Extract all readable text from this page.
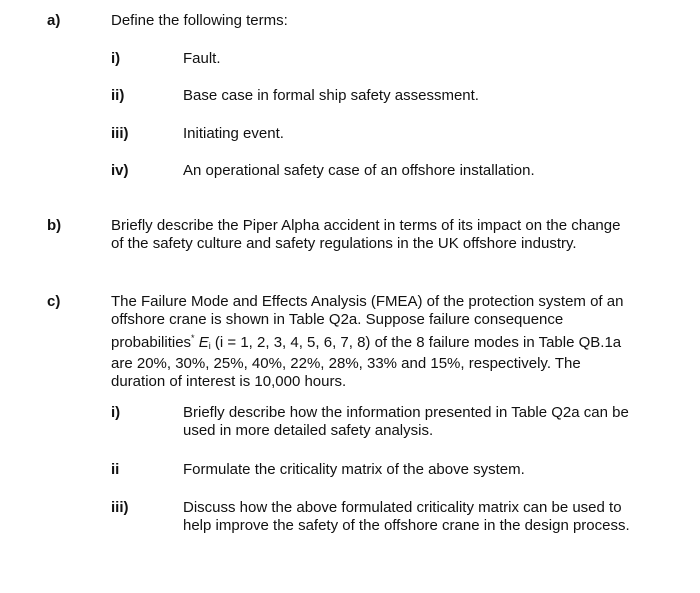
a)	Define the following terms:
i)	Fault.
ii)	Base case in formal ship safety assessment.
iii)	Initiating event.
iv)	An operational safety case of an offshore installation.
b)	Briefly describe the Piper Alpha accident in terms of its impact on the change
of the safety culture and safety regulations in the UK offshore industry.
c)	The Failure Mode and Effects Analysis (FMEA) of the protection system of an
offshore crane is shown in Table Q2a. Suppose failure consequence
probabilities* $E_i$ (i = 1, 2, 3, 4, 5, 6, 7, 8) of the 8 failure modes in Table QB.1a
are 20%, 30%, 25%, 40%, 22%, 28%, 33% and 15%, respectively. The
duration of interest is 10,000 hours.
i)	Briefly describe how the information presented in Table Q2a can be
used in more detailed safety analysis.
ii	Formulate the criticality matrix of the above system.
iii)	Discuss how the above formulated criticality matrix can be used to
help improve the safety of the offshore crane in the design process.
